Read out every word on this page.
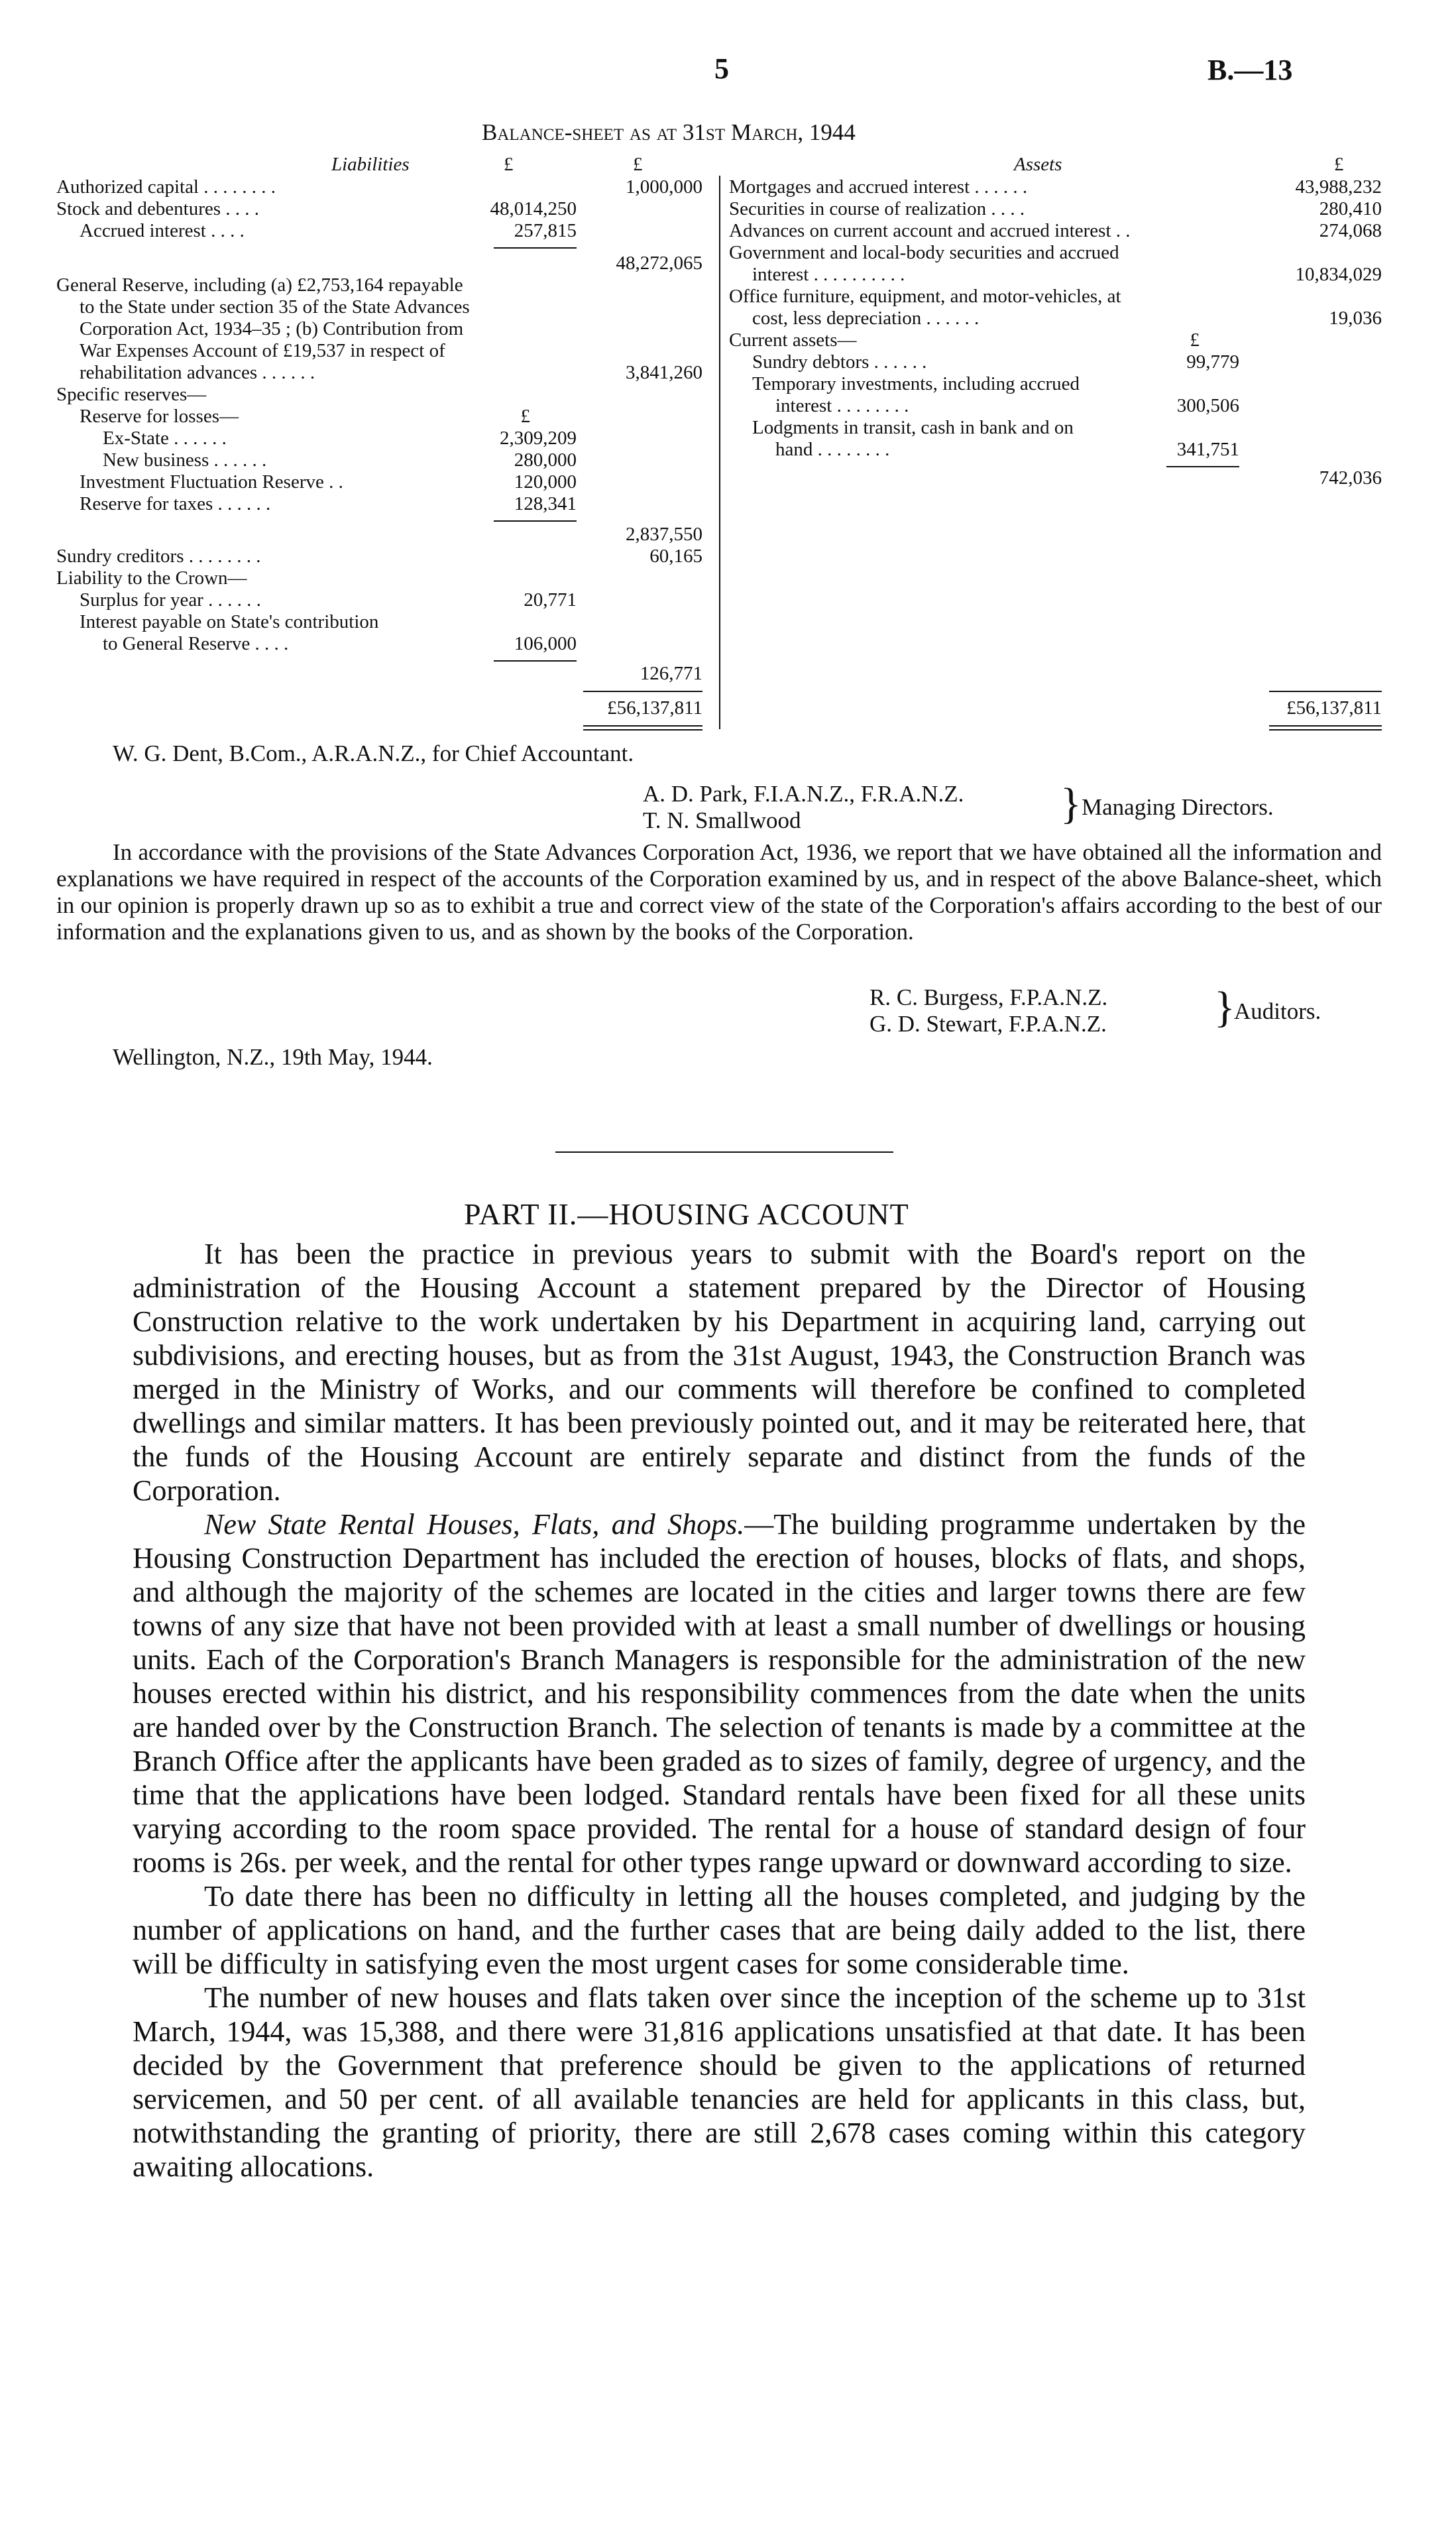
5	B.—13
Balance-sheet as at 31st March, 1944
Liabilities	£	£	Assets	£
Authorized capital . . . . . . . .	1,000,000
Stock and debentures . . . .	48,014,250
Accrued interest . . . .	257,815
48,272,065
General Reserve, including (a) £2,753,164 repayable
to the State under section 35 of the State Advances
Corporation Act, 1934–35 ; (b) Contribution from
War Expenses Account of £19,537 in respect of
rehabilitation advances . . . . . .	3,841,260
Specific reserves—
Reserve for losses—	£
Ex-State . . . . . .	2,309,209
New business . . . . . .	280,000
Investment Fluctuation Reserve . .	120,000
Reserve for taxes . . . . . .	128,341
2,837,550
Sundry creditors . . . . . . . .	60,165
Liability to the Crown—
Surplus for year . . . . . .	20,771
Interest payable on State's contribution
to General Reserve . . . .	106,000
126,771
£56,137,811
Mortgages and accrued interest . . . . . .	43,988,232
Securities in course of realization . . . .	280,410
Advances on current account and accrued interest . .	274,068
Government and local-body securities and accrued
interest . . . . . . . . . .	10,834,029
Office furniture, equipment, and motor-vehicles, at
cost, less depreciation . . . . . .	19,036
Current assets—	£
Sundry debtors . . . . . .	99,779
Temporary investments, including accrued
interest . . . . . . . .	300,506
Lodgments in transit, cash in bank and on
hand . . . . . . . .	341,751
742,036
£56,137,811
W. G. Dent, B.Com., A.R.A.N.Z., for Chief Accountant.
A. D. Park, F.I.A.N.Z., F.R.A.N.Z.
T. N. Smallwood	} Managing Directors.
In accordance with the provisions of the State Advances Corporation Act, 1936, we report that we have obtained all the information and explanations we have required in respect of the accounts of the Corporation examined by us, and in respect of the above Balance-sheet, which in our opinion is properly drawn up so as to exhibit a true and correct view of the state of the Corporation's affairs according to the best of our information and the explanations given to us, and as shown by the books of the Corporation.
R. C. Burgess, F.P.A.N.Z.
G. D. Stewart, F.P.A.N.Z. }
Auditors.
Wellington, N.Z., 19th May, 1944.
PART II.—HOUSING ACCOUNT

It has been the practice in previous years to submit with the Board's report on the administration of the Housing Account a statement prepared by the Director of Housing Construction relative to the work undertaken by his Department in acquiring land, carrying out subdivisions, and erecting houses, but as from the 31st August, 1943, the Construction Branch was merged in the Ministry of Works, and our comments will therefore be confined to completed dwellings and similar matters. It has been previously pointed out, and it may be reiterated here, that the funds of the Housing Account are entirely separate and distinct from the funds of the Corporation.

New State Rental Houses, Flats, and Shops.—The building programme undertaken by the Housing Construction Department has included the erection of houses, blocks of flats, and shops, and although the majority of the schemes are located in the cities and larger towns there are few towns of any size that have not been provided with at least a small number of dwellings or housing units. Each of the Corporation's Branch Managers is responsible for the administration of the new houses erected within his district, and his responsibility commences from the date when the units are handed over by the Construction Branch. The selection of tenants is made by a committee at the Branch Office after the applicants have been graded as to sizes of family, degree of urgency, and the time that the applications have been lodged. Standard rentals have been fixed for all these units varying according to the room space provided. The rental for a house of standard design of four rooms is 26s. per week, and the rental for other types range upward or downward according to size.

To date there has been no difficulty in letting all the houses completed, and judging by the number of applications on hand, and the further cases that are being daily added to the list, there will be difficulty in satisfying even the most urgent cases for some considerable time.

The number of new houses and flats taken over since the inception of the scheme up to 31st March, 1944, was 15,388, and there were 31,816 applications unsatisfied at that date. It has been decided by the Government that preference should be given to the applications of returned servicemen, and 50 per cent. of all available tenancies are held for applicants in this class, but, notwithstanding the granting of priority, there are still 2,678 cases coming within this category awaiting allocations.
